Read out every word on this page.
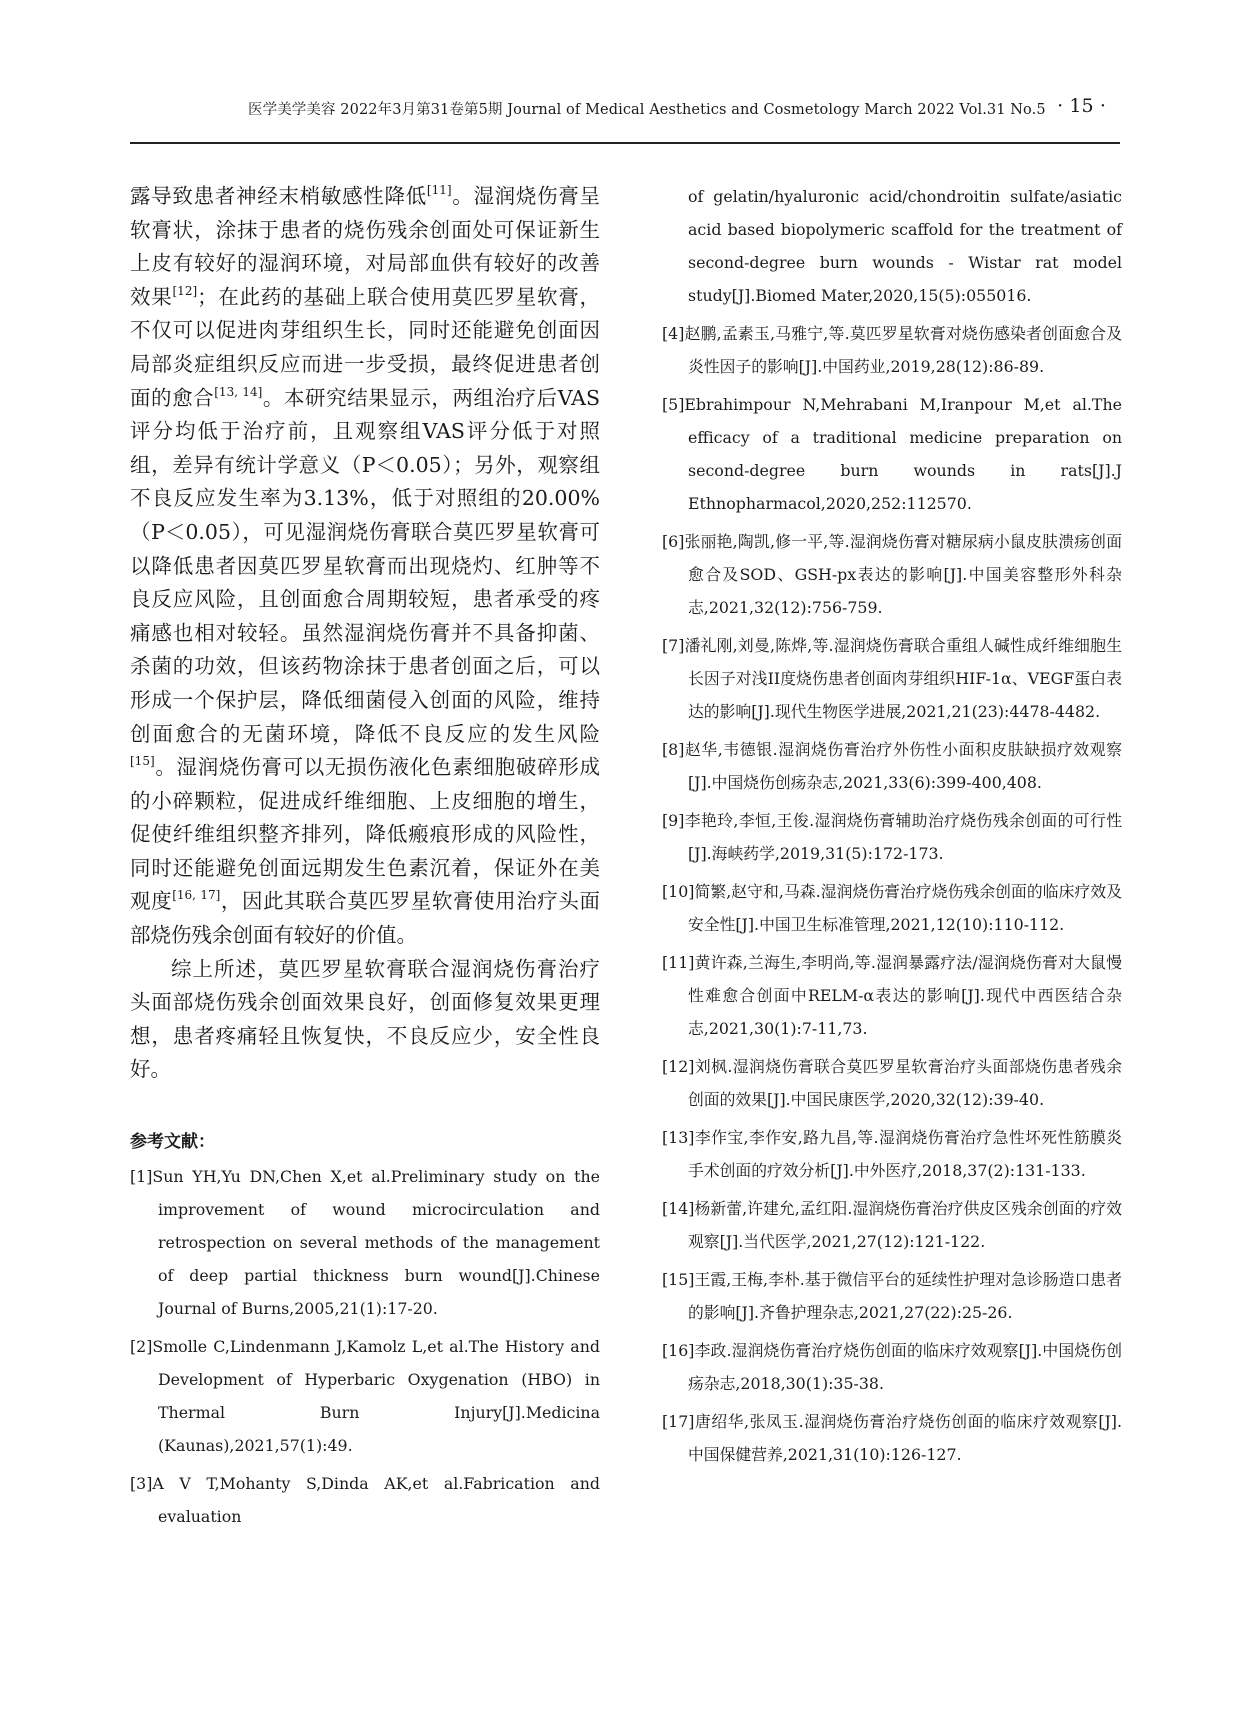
医学美学美容 2022年3月第31卷第5期 Journal of Medical Aesthetics and Cosmetology March 2022 Vol.31 No.5 · 15 ·

露导致患者神经末梢敏感性降低[11]。湿润烧伤膏呈软膏状，涂抹于患者的烧伤残余创面处可保证新生上皮有较好的湿润环境，对局部血供有较好的改善效果[12]；在此药的基础上联合使用莫匹罗星软膏，不仅可以促进肉芽组织生长，同时还能避免创面因局部炎症组织反应而进一步受损，最终促进患者创面的愈合[13, 14]。本研究结果显示，两组治疗后VAS评分均低于治疗前，且观察组VAS评分低于对照组，差异有统计学意义（P＜0.05）；另外，观察组不良反应发生率为3.13%，低于对照组的20.00%（P＜0.05），可见湿润烧伤膏联合莫匹罗星软膏可以降低患者因莫匹罗星软膏而出现烧灼、红肿等不良反应风险，且创面愈合周期较短，患者承受的疼痛感也相对较轻。虽然湿润烧伤膏并不具备抑菌、杀菌的功效，但该药物涂抹于患者创面之后，可以形成一个保护层，降低细菌侵入创面的风险，维持创面愈合的无菌环境，降低不良反应的发生风险[15]。湿润烧伤膏可以无损伤液化色素细胞破碎形成的小碎颗粒，促进成纤维细胞、上皮细胞的增生，促使纤维组织整齐排列，降低瘢痕形成的风险性，同时还能避免创面远期发生色素沉着，保证外在美观度[16, 17]，因此其联合莫匹罗星软膏使用治疗头面部烧伤残余创面有较好的价值。

综上所述，莫匹罗星软膏联合湿润烧伤膏治疗头面部烧伤残余创面效果良好，创面修复效果更理想，患者疼痛轻且恢复快，不良反应少，安全性良好。

参考文献：

[1]Sun YH,Yu DN,Chen X,et al.Preliminary study on the improvement of wound microcirculation and retrospection on several methods of the management of deep partial thickness burn wound[J].Chinese Journal of Burns,2005,21(1):17-20.

[2]Smolle C,Lindenmann J,Kamolz L,et al.The History and Development of Hyperbaric Oxygenation (HBO) in Thermal Burn Injury[J].Medicina (Kaunas),2021,57(1):49.

[3]A V T,Mohanty S,Dinda AK,et al.Fabrication and evaluation

of gelatin/hyaluronic acid/chondroitin sulfate/asiatic acid based biopolymeric scaffold for the treatment of second-degree burn wounds - Wistar rat model study[J].Biomed Mater,2020,15(5):055016.

[4]赵鹏,孟素玉,马雅宁,等.莫匹罗星软膏对烧伤感染者创面愈合及炎性因子的影响[J].中国药业,2019,28(12):86-89.

[5]Ebrahimpour N,Mehrabani M,Iranpour M,et al.The efficacy of a traditional medicine preparation on second-degree burn wounds in rats[J].J Ethnopharmacol,2020,252:112570.

[6]张丽艳,陶凯,修一平,等.湿润烧伤膏对糖尿病小鼠皮肤溃疡创面愈合及SOD、GSH-px表达的影响[J].中国美容整形外科杂志,2021,32(12):756-759.

[7]潘礼刚,刘曼,陈烨,等.湿润烧伤膏联合重组人碱性成纤维细胞生长因子对浅II度烧伤患者创面肉芽组织HIF-1α、VEGF蛋白表达的影响[J].现代生物医学进展,2021,21(23):4478-4482.

[8]赵华,韦德银.湿润烧伤膏治疗外伤性小面积皮肤缺损疗效观察[J].中国烧伤创疡杂志,2021,33(6):399-400,408.

[9]李艳玲,李恒,王俊.湿润烧伤膏辅助治疗烧伤残余创面的可行性[J].海峡药学,2019,31(5):172-173.

[10]简繁,赵守和,马森.湿润烧伤膏治疗烧伤残余创面的临床疗效及安全性[J].中国卫生标准管理,2021,12(10):110-112.

[11]黄许森,兰海生,李明尚,等.湿润暴露疗法/湿润烧伤膏对大鼠慢性难愈合创面中RELM-α表达的影响[J].现代中西医结合杂志,2021,30(1):7-11,73.

[12]刘枫.湿润烧伤膏联合莫匹罗星软膏治疗头面部烧伤患者残余创面的效果[J].中国民康医学,2020,32(12):39-40.

[13]李作宝,李作安,路九昌,等.湿润烧伤膏治疗急性坏死性筋膜炎手术创面的疗效分析[J].中外医疗,2018,37(2):131-133.

[14]杨新蕾,许建允,孟红阳.湿润烧伤膏治疗供皮区残余创面的疗效观察[J].当代医学,2021,27(12):121-122.

[15]王霞,王梅,李朴.基于微信平台的延续性护理对急诊肠造口患者的影响[J].齐鲁护理杂志,2021,27(22):25-26.

[16]李政.湿润烧伤膏治疗烧伤创面的临床疗效观察[J].中国烧伤创疡杂志,2018,30(1):35-38.

[17]唐绍华,张凤玉.湿润烧伤膏治疗烧伤创面的临床疗效观察[J].中国保健营养,2021,31(10):126-127.
